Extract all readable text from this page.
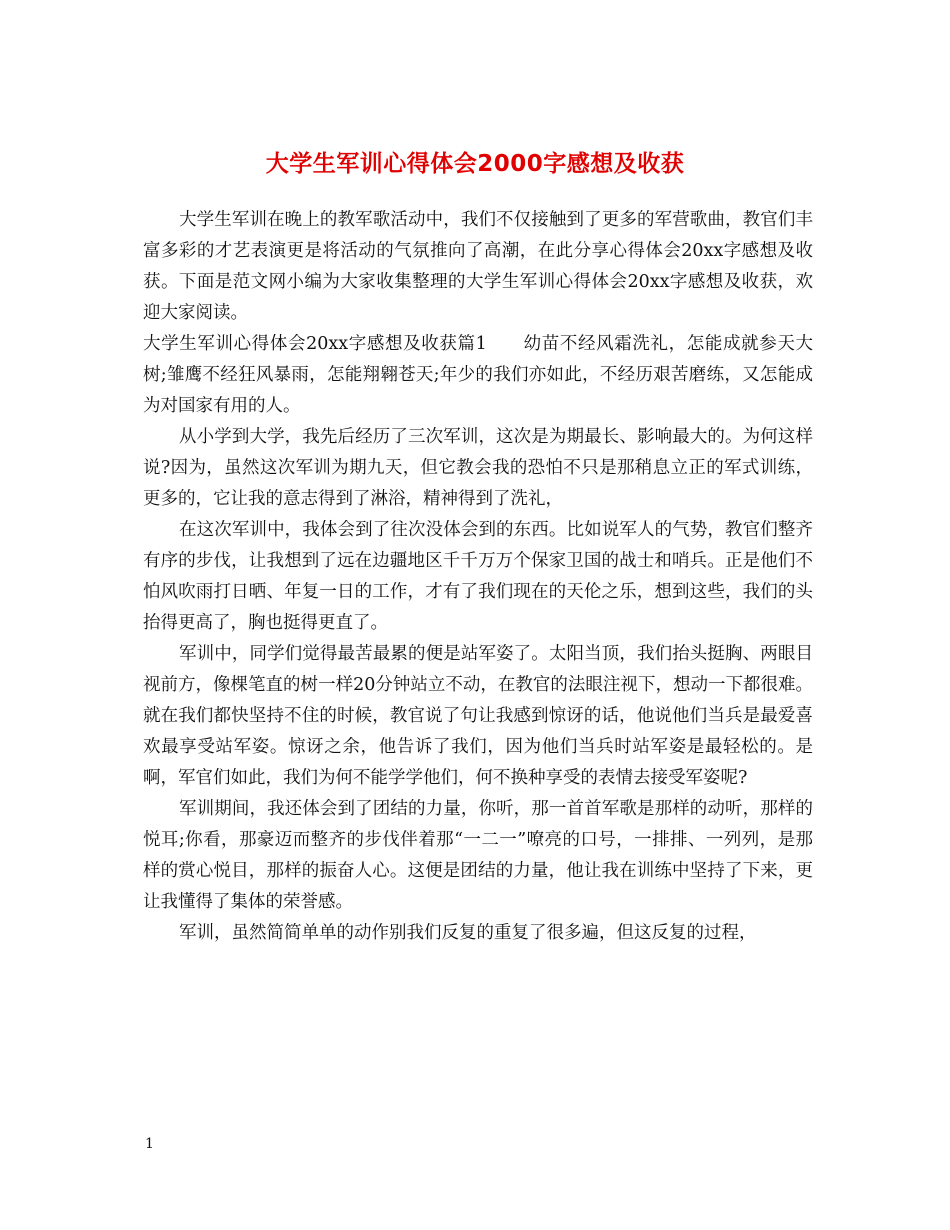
大学生军训心得体会2000字感想及收获

大学生军训在晚上的教军歌活动中，我们不仅接触到了更多的军营歌曲，教官们丰富多彩的才艺表演更是将活动的气氛推向了高潮，在此分享心得体会20xx字感想及收获。下面是范文网小编为大家收集整理的大学生军训心得体会20xx字感想及收获，欢迎大家阅读。

大学生军训心得体会20xx字感想及收获篇1　　幼苗不经风霜洗礼，怎能成就参天大树;雏鹰不经狂风暴雨，怎能翔翱苍天;年少的我们亦如此，不经历艰苦磨练，又怎能成为对国家有用的人。

从小学到大学，我先后经历了三次军训，这次是为期最长、影响最大的。为何这样说?因为，虽然这次军训为期九天，但它教会我的恐怕不只是那稍息立正的军式训练，更多的，它让我的意志得到了淋浴，精神得到了洗礼，

在这次军训中，我体会到了往次没体会到的东西。比如说军人的气势，教官们整齐有序的步伐，让我想到了远在边疆地区千千万万个保家卫国的战士和哨兵。正是他们不怕风吹雨打日晒、年复一日的工作，才有了我们现在的天伦之乐，想到这些，我们的头抬得更高了，胸也挺得更直了。

军训中，同学们觉得最苦最累的便是站军姿了。太阳当顶，我们抬头挺胸、两眼目视前方，像棵笔直的树一样20分钟站立不动，在教官的法眼注视下，想动一下都很难。就在我们都快坚持不住的时候，教官说了句让我感到惊讶的话，他说他们当兵是最爱喜欢最享受站军姿。惊讶之余，他告诉了我们，因为他们当兵时站军姿是最轻松的。是啊，军官们如此，我们为何不能学学他们，何不换种享受的表情去接受军姿呢?

军训期间，我还体会到了团结的力量，你听，那一首首军歌是那样的动听，那样的悦耳;你看，那豪迈而整齐的步伐伴着那“一二一”嘹亮的口号，一排排、一列列，是那样的赏心悦目，那样的振奋人心。这便是团结的力量，他让我在训练中坚持了下来，更让我懂得了集体的荣誉感。

军训，虽然简简单单的动作别我们反复的重复了很多遍，但这反复的过程，

1
